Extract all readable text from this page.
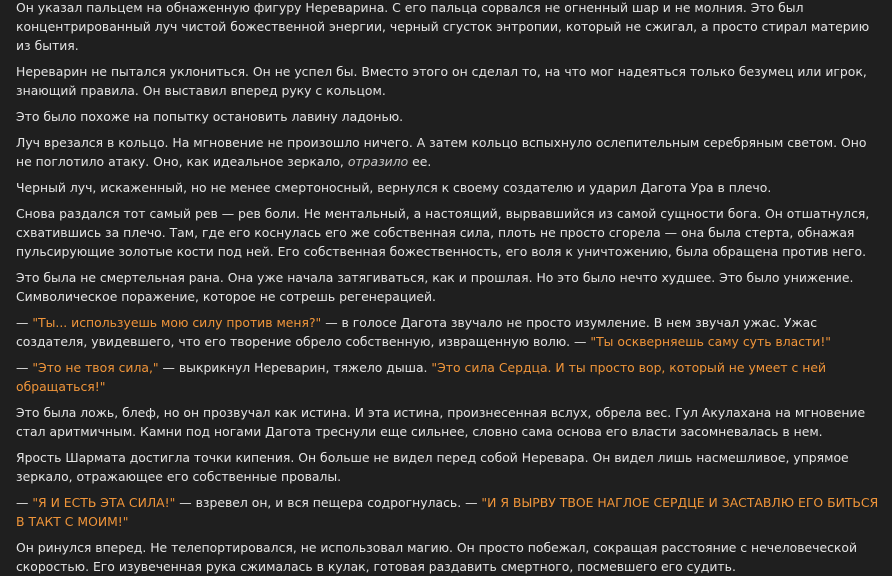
Он указал пальцем на обнаженную фигуру Нереварина. С его пальца сорвался не огненный шар и не молния. Это был концентрированный луч чистой божественной энергии, черный сгусток энтропии, который не сжигал, а просто стирал материю из бытия.

Нереварин не пытался уклониться. Он не успел бы. Вместо этого он сделал то, на что мог надеяться только безумец или игрок, знающий правила. Он выставил вперед руку с кольцом.

Это было похоже на попытку остановить лавину ладонью.

Луч врезался в кольцо. На мгновение не произошло ничего. А затем кольцо вспыхнуло ослепительным серебряным светом. Оно не поглотило атаку. Оно, как идеальное зеркало, отразило ее.

Черный луч, искаженный, но не менее смертоносный, вернулся к своему создателю и ударил Дагота Ура в плечо.

Снова раздался тот самый рев — рев боли. Не ментальный, а настоящий, вырвавшийся из самой сущности бога. Он отшатнулся, схватившись за плечо. Там, где его коснулась его же собственная сила, плоть не просто сгорела — она была стерта, обнажая пульсирующие золотые кости под ней. Его собственная божественность, его воля к уничтожению, была обращена против него.

Это была не смертельная рана. Она уже начала затягиваться, как и прошлая. Но это было нечто худшее. Это было унижение. Символическое поражение, которое не сотрешь регенерацией.

— "Ты... используешь мою силу против меня?" — в голосе Дагота звучало не просто изумление. В нем звучал ужас. Ужас создателя, увидевшего, что его творение обрело собственную, извращенную волю. — "Ты оскверняешь саму суть власти!"

— "Это не твоя сила," — выкрикнул Нереварин, тяжело дыша. "Это сила Сердца. И ты просто вор, который не умеет с ней обращаться!"

Это была ложь, блеф, но он прозвучал как истина. И эта истина, произнесенная вслух, обрела вес. Гул Акулахана на мгновение стал аритмичным. Камни под ногами Дагота треснули еще сильнее, словно сама основа его власти засомневалась в нем.

Ярость Шармата достигла точки кипения. Он больше не видел перед собой Неревара. Он видел лишь насмешливое, упрямое зеркало, отражающее его собственные провалы.

— "Я И ЕСТЬ ЭТА СИЛА!" — взревел он, и вся пещера содрогнулась. — "И Я ВЫРВУ ТВОЕ НАГЛОЕ СЕРДЦЕ И ЗАСТАВЛЮ ЕГО БИТЬСЯ В ТАКТ С МОИМ!"

Он ринулся вперед. Не телепортировался, не использовал магию. Он просто побежал, сокращая расстояние с нечеловеческой скоростью. Его изувеченная рука сжималась в кулак, готовая раздавить смертного, посмевшего его судить.
